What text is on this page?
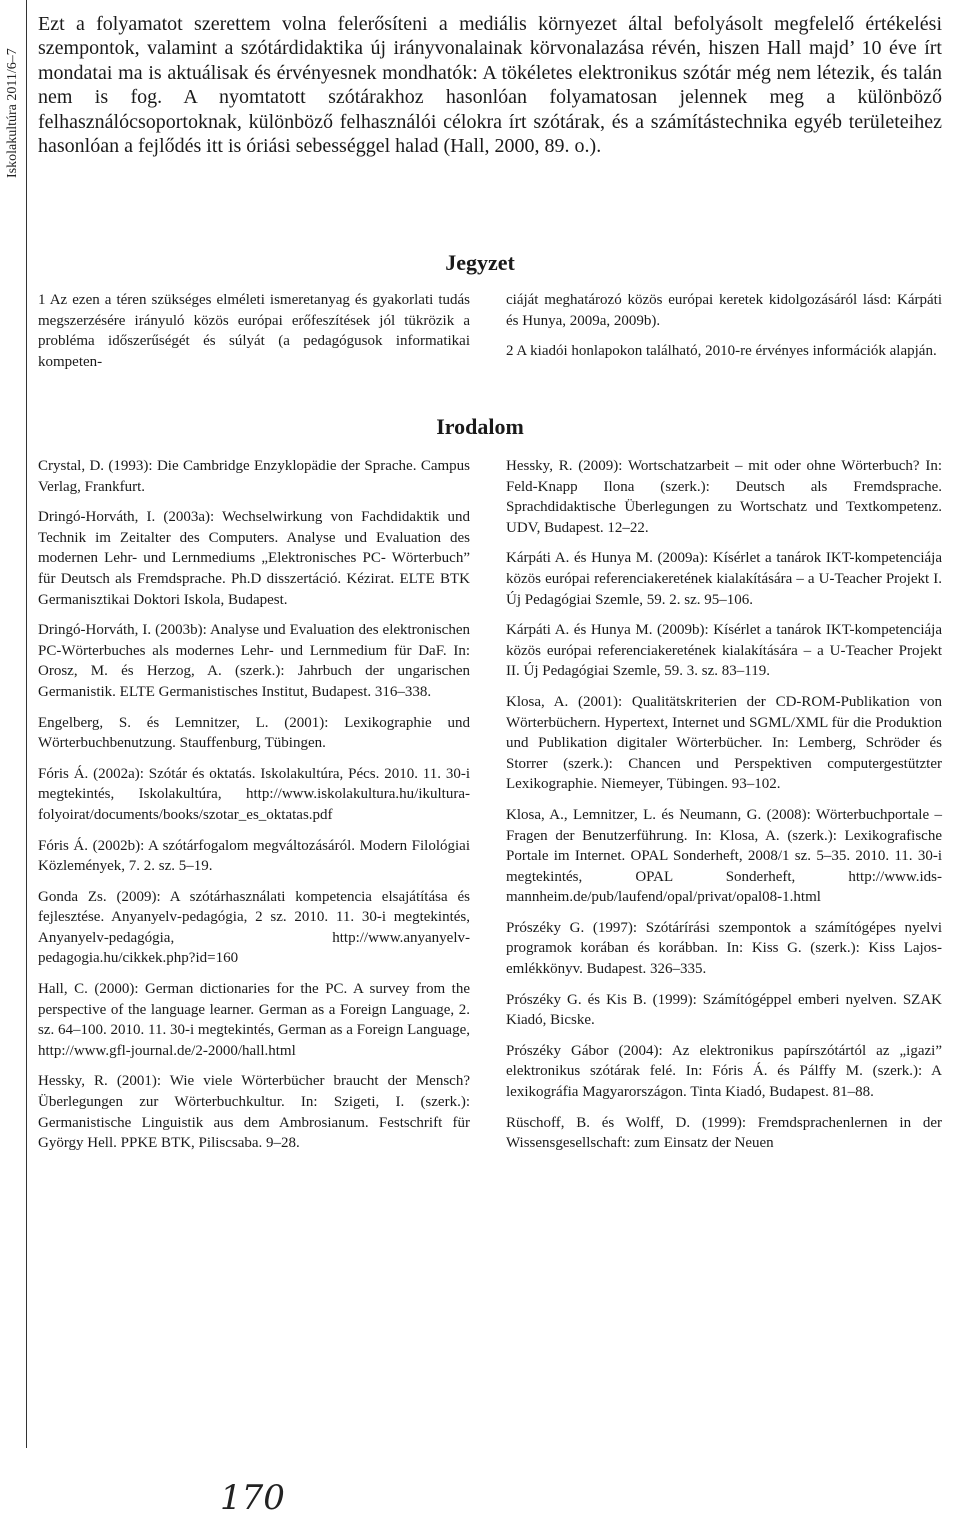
Iskolakultúra 2011/6–7

Ezt a folyamatot szerettem volna felerősíteni a mediális környezet által befolyásolt megfelelő értékelési szempontok, valamint a szótárdidaktika új irányvonalainak körvonalazása révén, hiszen Hall majd’ 10 éve írt mondatai ma is aktuálisak és érvényesnek mondhatók: A tökéletes elektronikus szótár még nem létezik, és talán nem is fog. A nyomtatott szótárakhoz hasonlóan folyamatosan jelennek meg a különböző felhasználócsoportoknak, különböző felhasználói célokra írt szótárak, és a számítástechnika egyéb területeihez hasonlóan a fejlődés itt is óriási sebességgel halad (Hall, 2000, 89. o.).

Jegyzet

1 Az ezen a téren szükséges elméleti ismeretanyag és gyakorlati tudás megszerzésére irányuló közös európai erőfeszítések jól tükrözik a probléma időszerűségét és súlyát (a pedagógusok informatikai kompeten-

ciáját meghatározó közös európai keretek kidolgozásáról lásd: Kárpáti és Hunya, 2009a, 2009b).

2 A kiadói honlapokon található, 2010-re érvényes információk alapján.

Irodalom

Crystal, D. (1993): Die Cambridge Enzyklopädie der Sprache. Campus Verlag, Frankfurt.

Dringó-Horváth, I. (2003a): Wechselwirkung von Fachdidaktik und Technik im Zeitalter des Computers. Analyse und Evaluation des modernen Lehr- und Lernmediums „Elektronisches PC- Wörterbuch” für Deutsch als Fremdsprache. Ph.D disszertáció. Kézirat. ELTE BTK Germanisztikai Doktori Iskola, Budapest.

Dringó-Horváth, I. (2003b): Analyse und Evaluation des elektronischen PC-Wörterbuches als modernes Lehr- und Lernmedium für DaF. In: Orosz, M. és Herzog, A. (szerk.): Jahrbuch der ungarischen Germanistik. ELTE Germanistisches Institut, Budapest. 316–338.

Engelberg, S. és Lemnitzer, L. (2001): Lexikographie und Wörterbuchbenutzung. Stauffenburg, Tübingen.

Fóris Á. (2002a): Szótár és oktatás. Iskolakultúra, Pécs. 2010. 11. 30-i megtekintés, Iskolakultúra, http://www.iskolakultura.hu/ikultura-folyoirat/documents/books/szotar_es_oktatas.pdf

Fóris Á. (2002b): A szótárfogalom megváltozásáról. Modern Filológiai Közlemények, 7. 2. sz. 5–19.

Gonda Zs. (2009): A szótárhasználati kompetencia elsajátítása és fejlesztése. Anyanyelv-pedagógia, 2 sz. 2010. 11. 30-i megtekintés, Anyanyelv-pedagógia, http://www.anyanyelv-pedagogia.hu/cikkek.php?id=160

Hall, C. (2000): German dictionaries for the PC. A survey from the perspective of the language learner. German as a Foreign Language, 2. sz. 64–100. 2010. 11. 30-i megtekintés, German as a Foreign Language, http://www.gfl-journal.de/2-2000/hall.html

Hessky, R. (2001): Wie viele Wörterbücher braucht der Mensch? Überlegungen zur Wörterbuchkultur. In: Szigeti, I. (szerk.): Germanistische Linguistik aus dem Ambrosianum. Festschrift für György Hell. PPKE BTK, Piliscsaba. 9–28.

Hessky, R. (2009): Wortschatzarbeit – mit oder ohne Wörterbuch? In: Feld-Knapp Ilona (szerk.): Deutsch als Fremdsprache. Sprachdidaktische Überlegungen zu Wortschatz und Textkompetenz. UDV, Budapest. 12–22.

Kárpáti A. és Hunya M. (2009a): Kísérlet a tanárok IKT-kompetenciája közös európai referenciakeretének kialakítására – a U-Teacher Projekt I. Új Pedagógiai Szemle, 59. 2. sz. 95–106.

Kárpáti A. és Hunya M. (2009b): Kísérlet a tanárok IKT-kompetenciája közös európai referenciakeretének kialakítására – a U-Teacher Projekt II. Új Pedagógiai Szemle, 59. 3. sz. 83–119.

Klosa, A. (2001): Qualitätskriterien der CD-ROM-Publikation von Wörterbüchern. Hypertext, Internet und SGML/XML für die Produktion und Publikation digitaler Wörterbücher. In: Lemberg, Schröder és Storrer (szerk.): Chancen und Perspektiven computergestützter Lexikographie. Niemeyer, Tübingen. 93–102.

Klosa, A., Lemnitzer, L. és Neumann, G. (2008): Wörterbuchportale – Fragen der Benutzerführung. In: Klosa, A. (szerk.): Lexikografische Portale im Internet. OPAL Sonderheft, 2008/1 sz. 5–35. 2010. 11. 30-i megtekintés, OPAL Sonderheft, http://www.ids-mannheim.de/pub/laufend/opal/privat/opal08-1.html

Prószéky G. (1997): Szótárírási szempontok a számítógépes nyelvi programok korában és korábban. In: Kiss G. (szerk.): Kiss Lajos-emlékkönyv. Budapest. 326–335.

Prószéky G. és Kis B. (1999): Számítógéppel emberi nyelven. SZAK Kiadó, Bicske.

Prószéky Gábor (2004): Az elektronikus papírszótártól az „igazi” elektronikus szótárak felé. In: Fóris Á. és Pálffy M. (szerk.): A lexikográfia Magyarországon. Tinta Kiadó, Budapest. 81–88.

Rüschoff, B. és Wolff, D. (1999): Fremdsprachenlernen in der Wissensgesellschaft: zum Einsatz der Neuen

170
